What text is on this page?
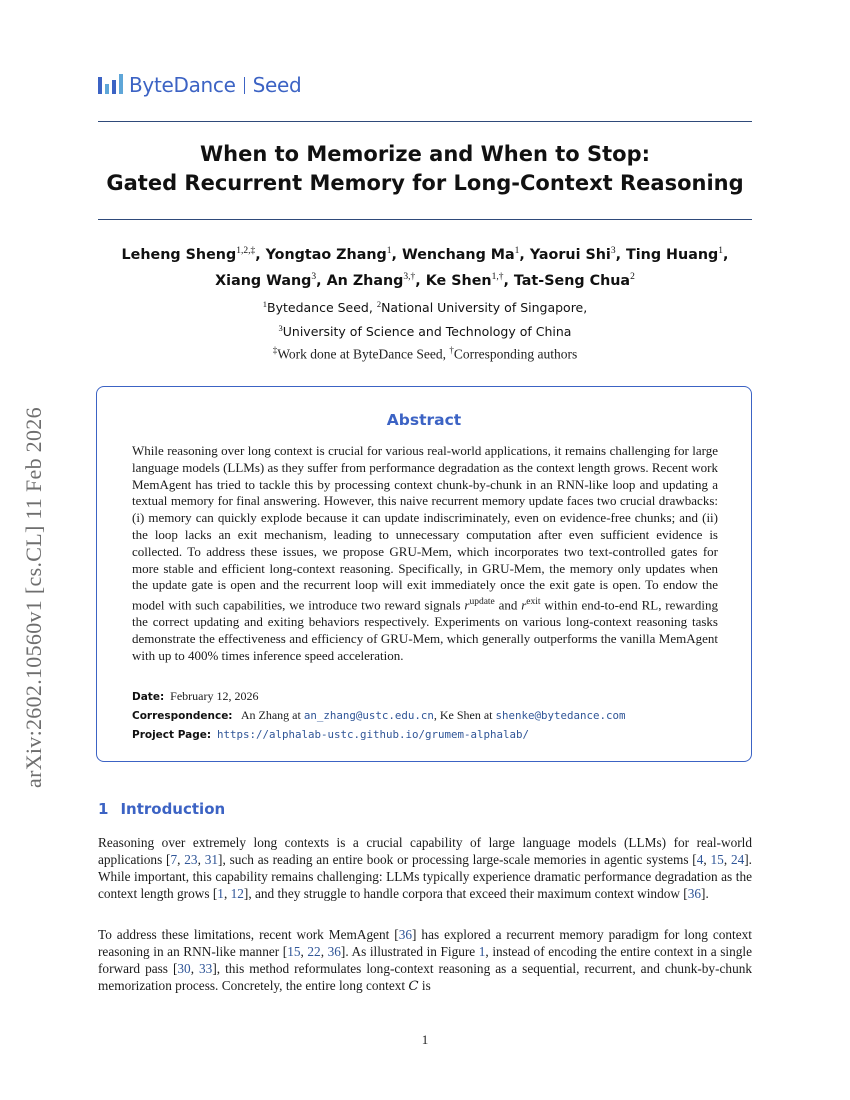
ByteDance Seed
When to Memorize and When to Stop:
Gated Recurrent Memory for Long-Context Reasoning
Leheng Sheng$^{1,2,\ddagger}$, Yongtao Zhang$^1$, Wenchang Ma$^1$, Yaorui Shi$^3$, Ting Huang$^1$,
Xiang Wang$^3$, An Zhang$^{3,\dagger}$, Ke Shen$^{1,\dagger}$, Tat-Seng Chua$^2$
$^1$Bytedance Seed, $^2$National University of Singapore,
$^3$University of Science and Technology of China
‡Work done at ByteDance Seed, †Corresponding authors
Abstract
While reasoning over long context is crucial for various real-world applications, it remains challenging for large language models (LLMs) as they suffer from performance degradation as the context length grows. Recent work MemAgent has tried to tackle this by processing context chunk-by-chunk in an RNN-like loop and updating a textual memory for final answering. However, this naive recurrent memory update faces two crucial drawbacks: (i) memory can quickly explode because it can update indiscriminately, even on evidence-free chunks; and (ii) the loop lacks an exit mechanism, leading to unnecessary computation after even sufficient evidence is collected. To address these issues, we propose GRU-Mem, which incorporates two text-controlled gates for more stable and efficient long-context reasoning. Specifically, in GRU-Mem, the memory only updates when the update gate is open and the recurrent loop will exit immediately once the exit gate is open. To endow the model with such capabilities, we introduce two reward signals $r^{update}$ and $r^{exit}$ within end-to-end RL, rewarding the correct updating and exiting behaviors respectively. Experiments on various long-context reasoning tasks demonstrate the effectiveness and efficiency of GRU-Mem, which generally outperforms the vanilla MemAgent with up to 400% times inference speed acceleration.
Date: February 12, 2026
Correspondence: An Zhang at an_zhang@ustc.edu.cn, Ke Shen at shenke@bytedance.com
Project Page: https://alphalab-ustc.github.io/grumem-alphalab/
arXiv:2602.10560v1 [cs.CL] 11 Feb 2026
1 Introduction
Reasoning over extremely long contexts is a crucial capability of large language models (LLMs) for real-world applications [7, 23, 31], such as reading an entire book or processing large-scale memories in agentic systems [4, 15, 24]. While important, this capability remains challenging: LLMs typically experience dramatic performance degradation as the context length grows [1, 12], and they struggle to handle corpora that exceed their maximum context window [36].
To address these limitations, recent work MemAgent [36] has explored a recurrent memory paradigm for long context reasoning in an RNN-like manner [15, 22, 36]. As illustrated in Figure 1, instead of encoding the entire context in a single forward pass [30, 33], this method reformulates long-context reasoning as a sequential, recurrent, and chunk-by-chunk memorization process. Concretely, the entire long context C is
1
